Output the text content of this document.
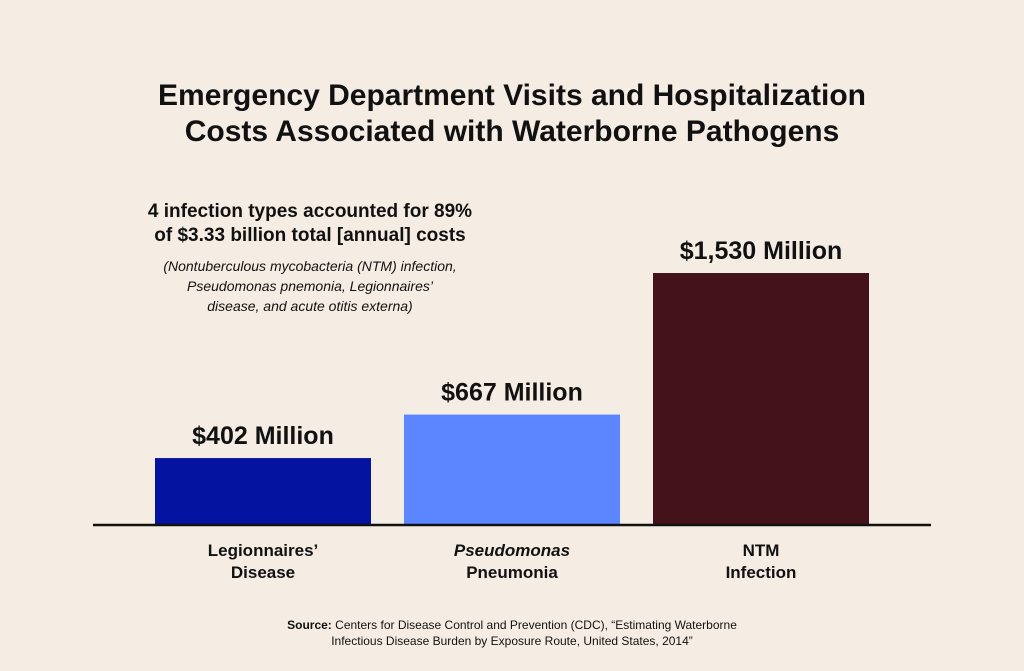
Emergency Department Visits and Hospitalization
Costs Associated with Waterborne Pathogens
4 infection types accounted for 89%
of $3.33 billion total [annual] costs
(Nontuberculous mycobacteria (NTM) infection,
Pseudomonas pnemonia, Legionnaires’
disease, and acute otitis externa)
$402 Million
$667 Million
$1,530 Million
Legionnaires’
Disease
Pseudomonas
Pneumonia
NTM
Infection
Source: Centers for Disease Control and Prevention (CDC), “Estimating Waterborne
Infectious Disease Burden by Exposure Route, United States, 2014”
